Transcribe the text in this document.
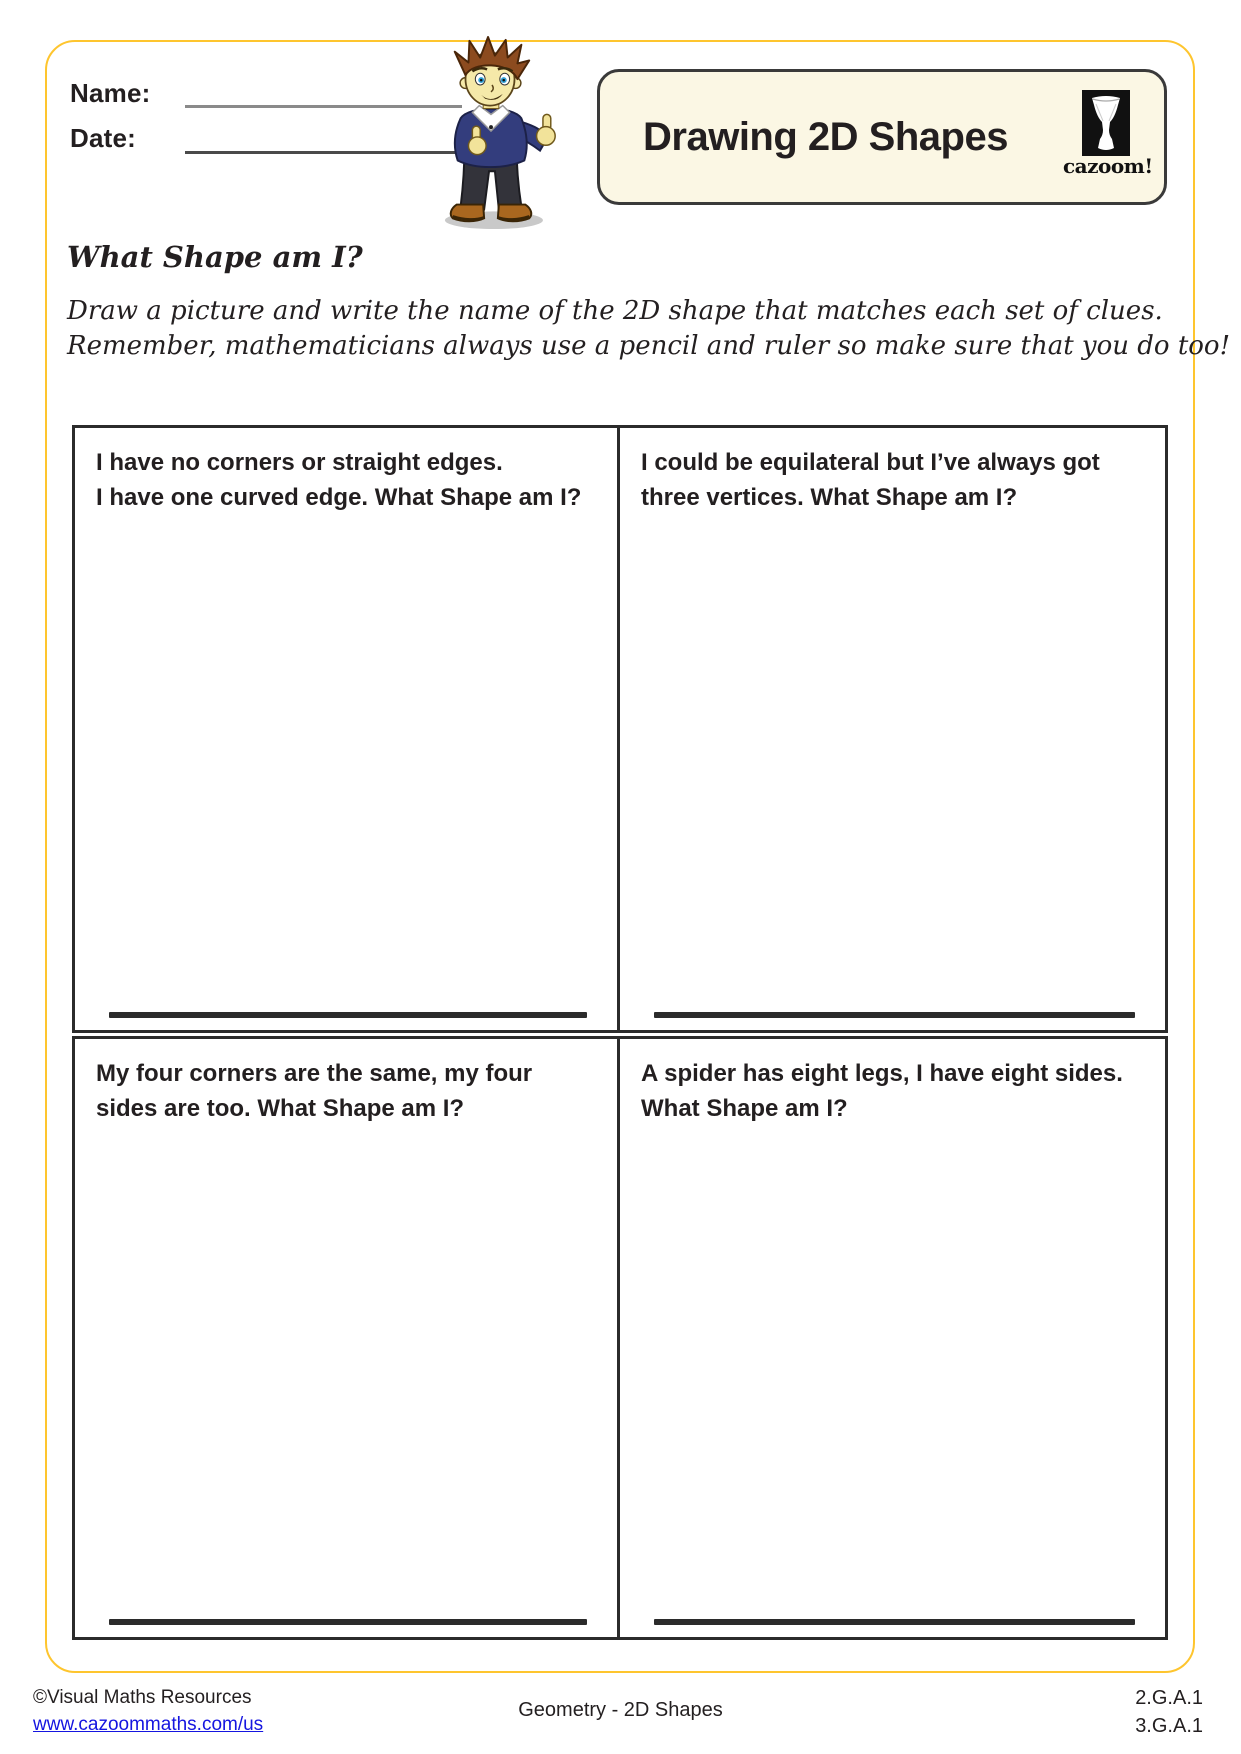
Name:
Date:	Drawing 2D Shapes
cazoom!
What Shape am I?
Draw a picture and write the name of the 2D shape that matches each set of clues.
Remember, mathematicians always use a pencil and ruler so make sure that you do too!
I have no corners or straight edges.
I have one curved edge. What Shape am I?
I could be equilateral but I’ve always got
three vertices. What Shape am I?
My four corners are the same, my four
sides are too. What Shape am I?
A spider has eight legs, I have eight sides.
What Shape am I?
©Visual Maths Resources
www.cazoommaths.com/us
Geometry - 2D Shapes
2.G.A.1
3.G.A.1
